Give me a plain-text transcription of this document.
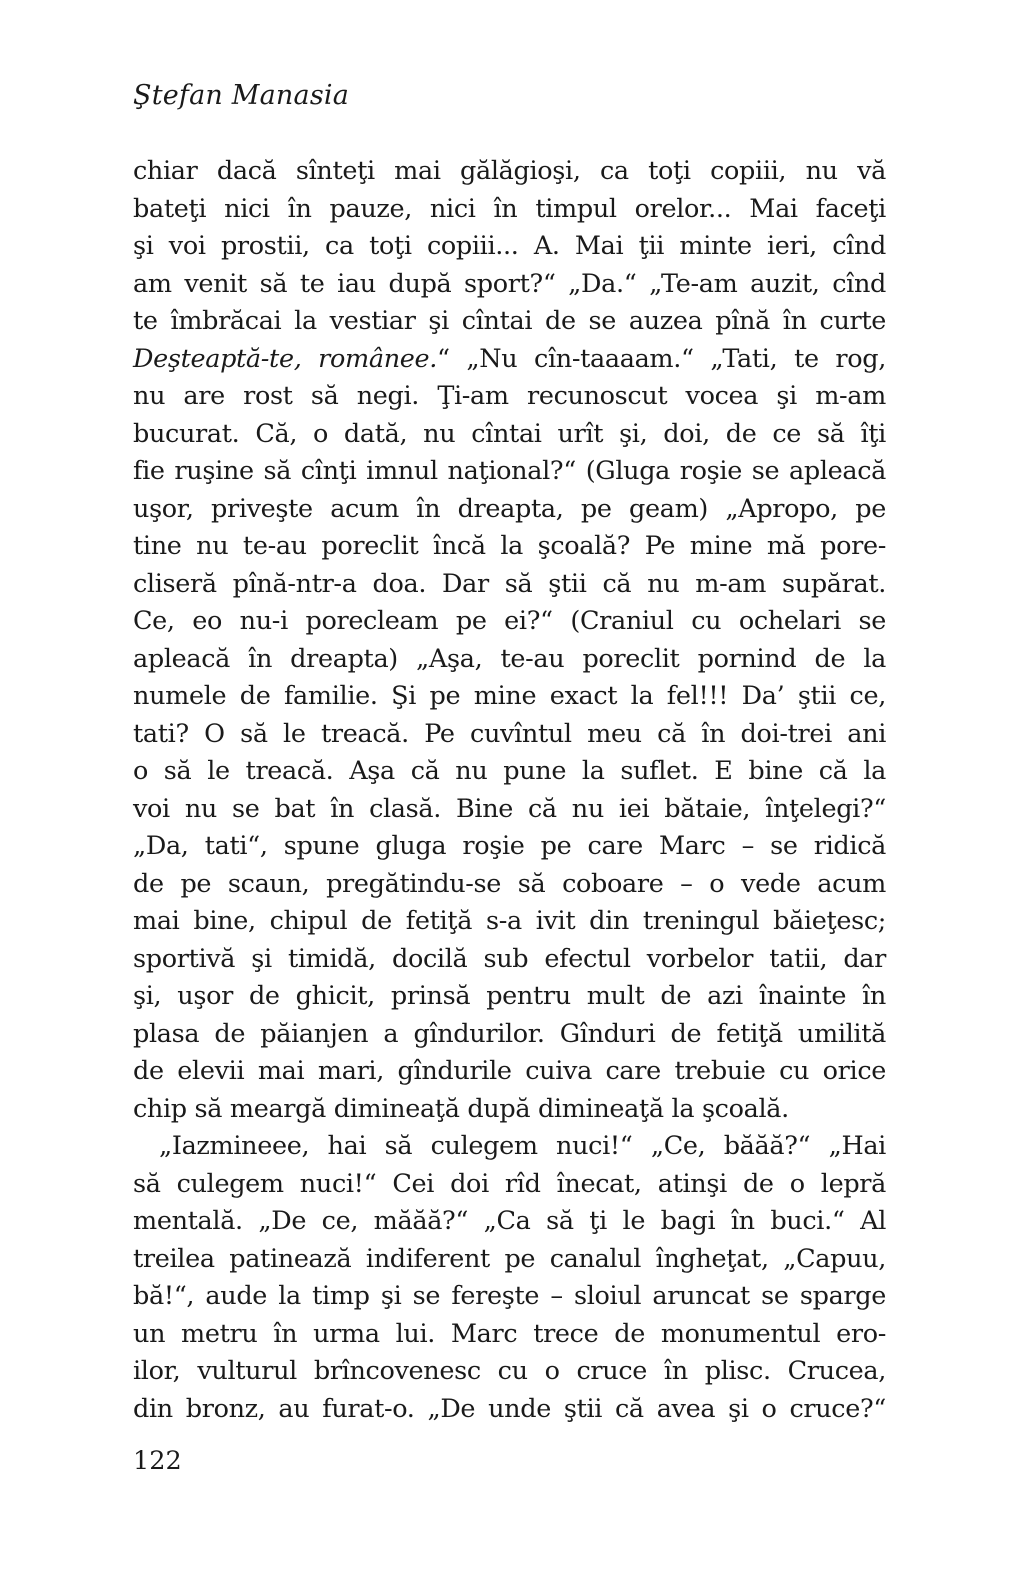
Ştefan Manasia
chiar dacă sînteţi mai gălăgioşi, ca toţi copiii, nu vă
bateţi nici în pauze, nici în timpul orelor... Mai faceţi
şi voi prostii, ca toţi copiii... A. Mai ţii minte ieri, cînd
am venit să te iau după sport?“ „Da.“ „Te-am auzit, cînd
te îmbrăcai la vestiar şi cîntai de se auzea pînă în curte
Deşteaptă-te, românee.“ „Nu cîn-taaaam.“ „Tati, te rog,
nu are rost să negi. Ţi-am recunoscut vocea şi m-am
bucurat. Că, o dată, nu cîntai urît şi, doi, de ce să îţi
fie ruşine să cînţi imnul naţional?“ (Gluga roşie se apleacă
uşor, priveşte acum în dreapta, pe geam) „Apropo, pe
tine nu te-au poreclit încă la şcoală? Pe mine mă pore-
cliseră pînă-ntr-a doa. Dar să ştii că nu m-am supărat.
Ce, eo nu-i porecleam pe ei?“ (Craniul cu ochelari se
apleacă în dreapta) „Aşa, te-au poreclit pornind de la
numele de familie. Şi pe mine exact la fel!!! Da’ ştii ce,
tati? O să le treacă. Pe cuvîntul meu că în doi-trei ani
o să le treacă. Aşa că nu pune la suflet. E bine că la
voi nu se bat în clasă. Bine că nu iei bătaie, înţelegi?“
„Da, tati“, spune gluga roşie pe care Marc – se ridică
de pe scaun, pregătindu-se să coboare – o vede acum
mai bine, chipul de fetiţă s-a ivit din treningul băieţesc;
sportivă şi timidă, docilă sub efectul vorbelor tatii, dar
şi, uşor de ghicit, prinsă pentru mult de azi înainte în
plasa de păianjen a gîndurilor. Gînduri de fetiţă umilită
de elevii mai mari, gîndurile cuiva care trebuie cu orice
chip să meargă dimineaţă după dimineaţă la şcoală.
„Iazmineee, hai să culegem nuci!“ „Ce, băăă?“ „Hai
să culegem nuci!“ Cei doi rîd înecat, atinşi de o lepră
mentală. „De ce, măăă?“ „Ca să ţi le bagi în buci.“ Al
treilea patinează indiferent pe canalul îngheţat, „Capuu,
bă!“, aude la timp şi se fereşte – sloiul aruncat se sparge
un metru în urma lui. Marc trece de monumentul ero-
ilor, vulturul brîncovenesc cu o cruce în plisc. Crucea,
din bronz, au furat-o. „De unde ştii că avea şi o cruce?“
122
